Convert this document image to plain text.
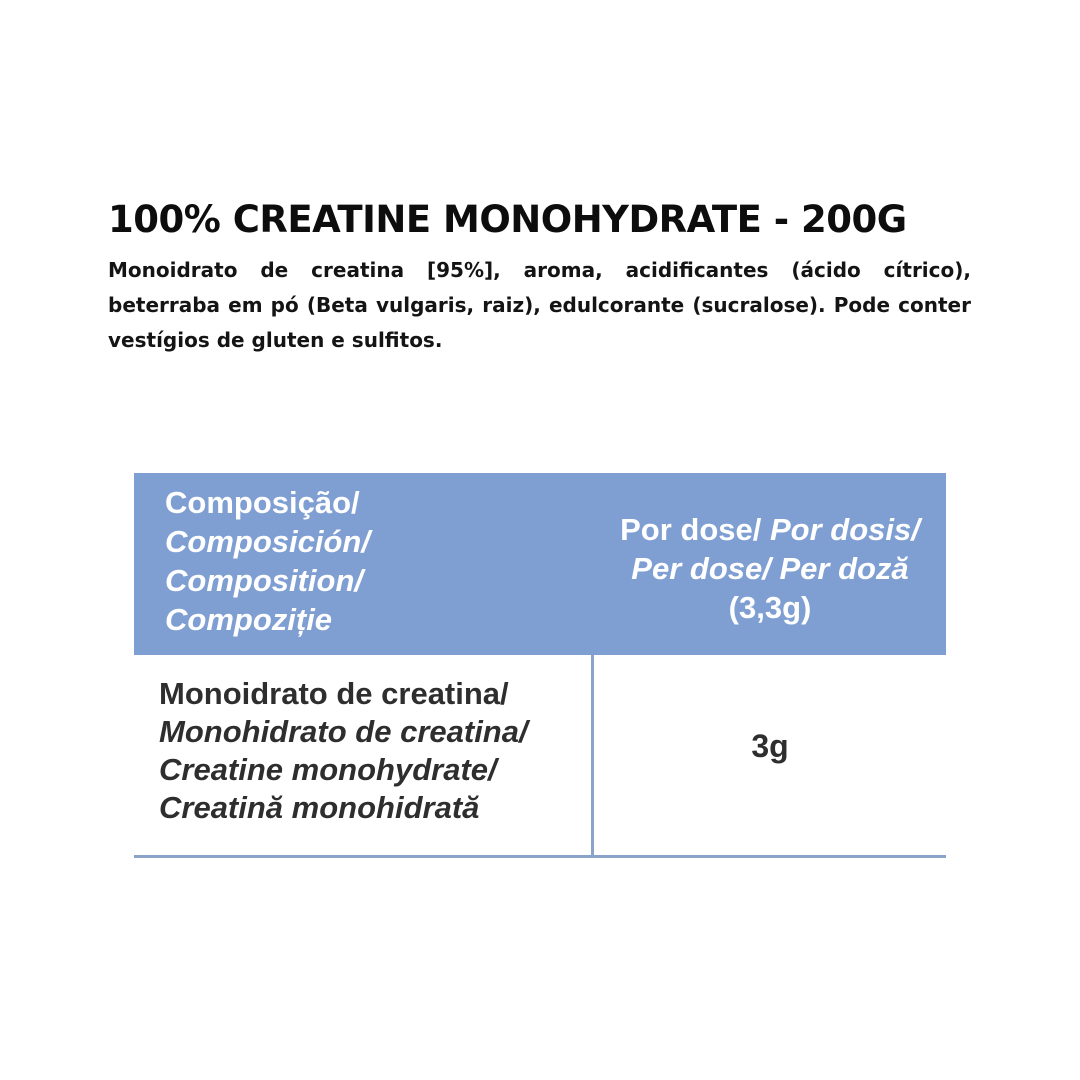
100% CREATINE MONOHYDRATE - 200G

Monoidrato de creatina [95%], aroma, acidificantes (ácido cítrico), beterraba em pó (Beta vulgaris, raiz), edulcorante (sucralose). Pode conter vestígios de gluten e sulfitos.

Composição/
Composición/
Composition/
Compoziție
Por dose/ Por dosis/
Per dose/ Per doză
(3,3g)
Monoidrato de creatina/
Monohidrato de creatina/
Creatine monohydrate/
Creatină monohidrată
3g
